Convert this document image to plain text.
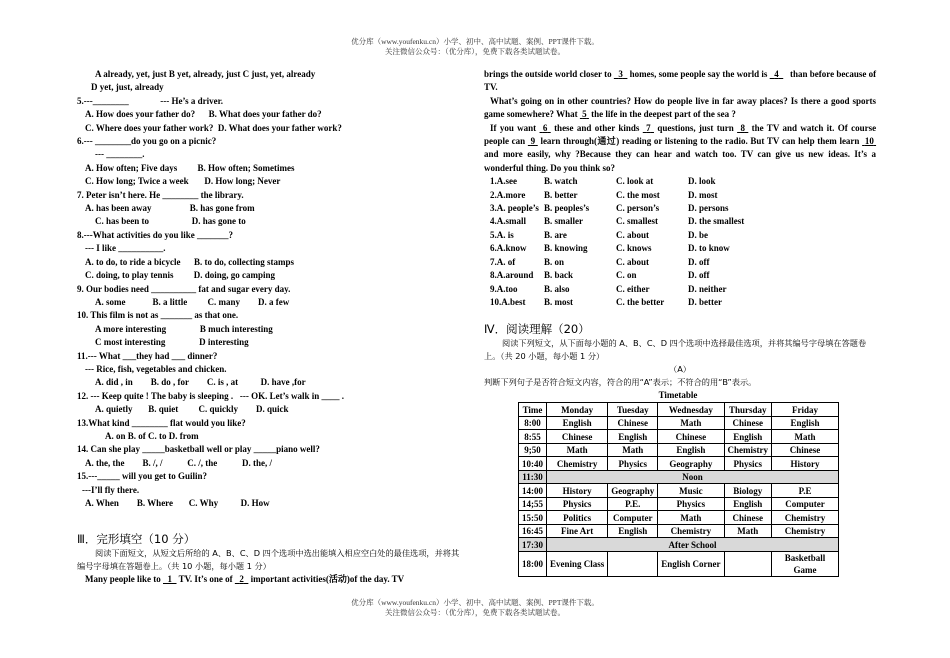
优分库（www.youfenku.cn）小学、初中、高中试题、案例、PPT课件下载。
关注微信公众号：（优分库），免费下载各类试题试卷。
A already, yet, just B yet, already, just C just, yet, already
D yet, just, already
5.---________              --- He’s a driver.
A. How does your father do?      B. What does your father do?
C. Where does your father work?  D. What does your father work?
6.--- ________do you go on a picnic?
--- ________.
A. How often; Five days         B. How often; Sometimes
C. How long; Twice a week       D. How long; Never
7. Peter isn’t here. He ________ the library.
A. has been away                 B. has gone from
C. has been to                   D. has gone to
8.---What activities do you like _______?
--- I like __________.
A. to do, to ride a bicycle      B. to do, collecting stamps
C. doing, to play tennis         D. doing, go camping
9. Our bodies need __________ fat and sugar every day.
A. some            B. a little         C. many        D. a few
10. This film is not as _______ as that one.
A more interesting               B much interesting
C most interesting               D interesting
11.--- What ___they had ___ dinner?
--- Rice, fish, vegetables and chicken.
A. did , in        B. do , for        C. is , at          D. have ,for
12. --- Keep quite ! The baby is sleeping .   --- OK. Let’s walk in ____ .
A. quietly       B. quiet         C. quickly        D. quick
13.What kind ________ flat would you like?
A. on B. of C. to D. from
14. Can she play _____basketball well or play _____piano well?
A. the, the        B. /, /           C. /, the           D. the, /
15.---_____ will you get to Guilin?
---I’ll fly there.
A. When        B. Where       C. Why          D. How
Ⅲ．完形填空（10 分）
阅读下面短文，从短文后所给的 A、B、C、D 四个选项中选出能填入相应空白处的最佳选项，并将其编号字母填在答题卷上。（共 10 小题，每小题 1 分）
Many people like to 1 TV. It’s one of 2 important activities(活动)of the day. TV
brings the outside world closer to 3 homes, some people say the world is 4 than before because of TV.
What’s going on in other countries? How do people live in far away places? Is there a good sports game somewhere? What 5 the life in the deepest part of the sea ?
If you want 6 these and other kinds 7 questions, just turn 8 the TV and watch it. Of course people can 9 learn through(通过) reading or listening to the radio. But TV can help them learn 10  and more easily, why ?Because they can hear and watch too. TV can give us new ideas. It’s a wonderful thing. Do you think so?
1.A.see	B. watch	C. look at	D. look
2.A.more B. better	C. the most	D. most
3.A. people’s B. peoples’s	C. person’s	D. persons
4.A.small B. smaller	C. smallest	D. the smallest
5.A. is	B. are	C. about	D. be
6.A.know B. knowing	C. knows	D. to know
7.A. of	B. on	C. about	D. off
8.A.around B. back	C. on	D. off
9.A.too	B. also	C. either	D. neither
10.A.best B. most	C. the better	D. better
Ⅳ．阅读理解（20）
阅读下列短文，从下面每小题的 A、B、C、D 四个选项中选择最佳选项，并将其编号字母填在答题卷上。（共 20 小题，每小题 1 分）
（A）
判断下列句子是否符合短文内容，符合的用“A”表示；不符合的用“B”表示。
Timetable
Time	Monday	Tuesday	Wednesday	Thursday	Friday
8:00	English	Chinese	Math	Chinese	English
8:55	Chinese	English	Chinese	English	Math
9;50	Math	Math	English	Chemistry	Chinese
10:40	Chemistry	Physics	Geography	Physics	History
11:30	Noon				
14:00	History	Geography	Music	Biology	P.E
14;55	Physics	P.E.	Physics	English	Computer
15:50	Politics	Computer	Math	Chinese	Chemistry
16:45	Fine Art	English	Chemistry	Math	Chemistry
17:30	After School				
18:00	Evening Class		English Corner		Basketball Game
优分库（www.youfenku.cn）小学、初中、高中试题、案例、PPT课件下载。
关注微信公众号：（优分库），免费下载各类试题试卷。
